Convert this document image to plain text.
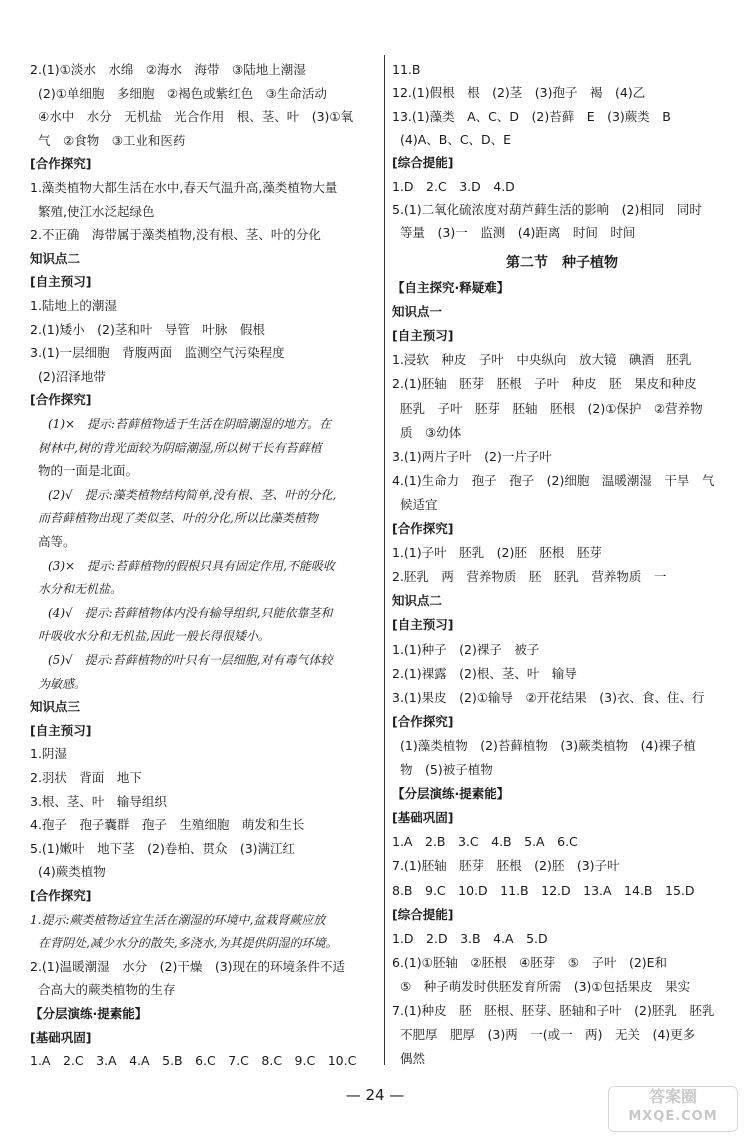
2.(1)①淡水　水绵　②海水　海带　③陆地上潮湿
(2)①单细胞　多细胞　②褐色或紫红色　③生命活动
④水中　水分　无机盐　光合作用　根、茎、叶　(3)①氧
气　②食物　③工业和医药
[合作探究]
1.藻类植物大都生活在水中,春天气温升高,藻类植物大量
繁殖,使江水泛起绿色
2.不正确　海带属于藻类植物,没有根、茎、叶的分化
知识点二
[自主预习]
1.陆地上的潮湿
2.(1)矮小　(2)茎和叶　导管　叶脉　假根
3.(1)一层细胞　背腹两面　监测空气污染程度
(2)沼泽地带
[合作探究]
(1)×　提示:苔藓植物适于生活在阴暗潮湿的地方。在
树林中,树的背光面较为阴暗潮湿,所以树干长有苔藓植
物的一面是北面。
(2)√　提示:藻类植物结构简单,没有根、茎、叶的分化,
而苔藓植物出现了类似茎、叶的分化,所以比藻类植物
高等。
(3)×　提示:苔藓植物的假根只具有固定作用,不能吸收
水分和无机盐。
(4)√　提示:苔藓植物体内没有输导组织,只能依靠茎和
叶吸收水分和无机盐,因此一般长得很矮小。
(5)√　提示:苔藓植物的叶只有一层细胞,对有毒气体较
为敏感。
知识点三
[自主预习]
1.阴湿
2.羽状　背面　地下
3.根、茎、叶　输导组织
4.孢子　孢子囊群　孢子　生殖细胞　萌发和生长
5.(1)嫩叶　地下茎　(2)卷柏、贯众　(3)满江红
(4)蕨类植物
[合作探究]
1.提示:蕨类植物适宜生活在潮湿的环境中,盆栽肾蕨应放
在背阴处,减少水分的散失,多浇水,为其提供阴湿的环境。
2.(1)温暖潮湿　水分　(2)干燥　(3)现在的环境条件不适
合高大的蕨类植物的生存
【分层演练·提素能】
[基础巩固]
1.A　2.C　3.A　4.A　5.B　6.C　7.C　8.C　9.C　10.C
11.B
12.(1)假根　根　(2)茎　(3)孢子　褐　(4)乙
13.(1)藻类　A、C、D　(2)苔藓　E　(3)蕨类　B
(4)A、B、C、D、E
[综合提能]
1.D　2.C　3.D　4.D
5.(1)二氧化硫浓度对葫芦藓生活的影响　(2)相同　同时
等量　(3)一　监测　(4)距离　时间　时间
第二节　种子植物
【自主探究·释疑难】
知识点一
[自主预习]
1.浸软　种皮　子叶　中央纵向　放大镜　碘酒　胚乳
2.(1)胚轴　胚芽　胚根　子叶　种皮　胚　果皮和种皮
胚乳　子叶　胚芽　胚轴　胚根　(2)①保护　②营养物
质　③幼体
3.(1)两片子叶　(2)一片子叶
4.(1)生命力　孢子　孢子　(2)细胞　温暖潮湿　干旱　气
候适宜
[合作探究]
1.(1)子叶　胚乳　(2)胚　胚根　胚芽
2.胚乳　两　营养物质　胚　胚乳　营养物质　一
知识点二
[自主预习]
1.(1)种子　(2)裸子　被子
2.(1)裸露　(2)根、茎、叶　输导
3.(1)果皮　(2)①输导　②开花结果　(3)衣、食、住、行
[合作探究]
(1)藻类植物　(2)苔藓植物　(3)蕨类植物　(4)裸子植
物　(5)被子植物
【分层演练·提素能】
[基础巩固]
1.A　2.B　3.C　4.B　5.A　6.C
7.(1)胚轴　胚芽　胚根　(2)胚　(3)子叶
8.B　9.C　10.D　11.B　12.D　13.A　14.B　15.D
[综合提能]
1.D　2.D　3.B　4.A　5.D
6.(1)①胚轴　②胚根　④胚芽　⑤　子叶　(2)E和
⑤　种子萌发时供胚发育所需　(3)①包括果皮　果实
7.(1)种皮　胚　胚根、胚芽、胚轴和子叶　(2)胚乳　胚乳
不肥厚　肥厚　(3)两　一(或一　两)　无关　(4)更多
偶然
— 24 —	答案圈
MXQE.COM
